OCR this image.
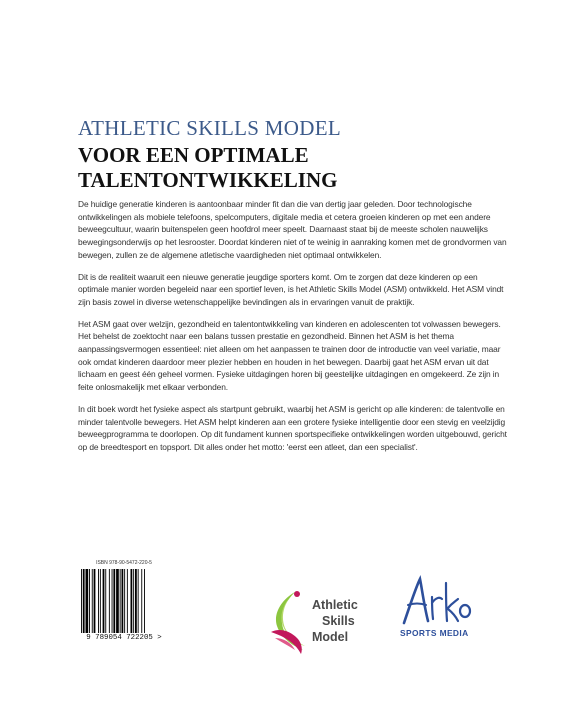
ATHLETIC SKILLS MODEL
VOOR EEN OPTIMALE
TALENTONTWIKKELING

De huidige generatie kinderen is aantoonbaar minder fit dan die van dertig jaar geleden. Door technologische ontwikkelingen als mobiele telefoons, spelcomputers, digitale media et cetera groeien kinderen op met een andere beweegcultuur, waarin buitenspelen geen hoofdrol meer speelt. Daarnaast staat bij de meeste scholen nauwelijks bewegingsonderwijs op het lesrooster. Doordat kinderen niet of te weinig in aanraking komen met de grondvormen van bewegen, zullen ze de algemene atletische vaardigheden niet optimaal ontwikkelen.

Dit is de realiteit waaruit een nieuwe generatie jeugdige sporters komt. Om te zorgen dat deze kinderen op een optimale manier worden begeleid naar een sportief leven, is het Athletic Skills Model (ASM) ontwikkeld. Het ASM vindt zijn basis zowel in diverse wetenschappelijke bevindingen als in ervaringen vanuit de praktijk.

Het ASM gaat over welzijn, gezondheid en talentontwikkeling van kinderen en adolescenten tot volwassen bewegers. Het behelst de zoektocht naar een balans tussen prestatie en gezondheid. Binnen het ASM is het thema aanpassingsvermogen essentieel: niet alleen om het aanpassen te trainen door de introductie van veel variatie, maar ook omdat kinderen daardoor meer plezier hebben en houden in het bewegen. Daarbij gaat het ASM ervan uit dat lichaam en geest één geheel vormen. Fysieke uitdagingen horen bij geestelijke uitdagingen en omgekeerd. Ze zijn in feite onlosmakelijk met elkaar verbonden.

In dit boek wordt het fysieke aspect als startpunt gebruikt, waarbij het ASM is gericht op alle kinderen: de talentvolle en minder talentvolle bewegers. Het ASM helpt kinderen aan een grotere fysieke intelligentie door een stevig en veelzijdig beweegprogramma te doorlopen. Op dit fundament kunnen sportspecifieke ontwikkelingen worden uitgebouwd, gericht op de breedtesport en topsport. Dit alles onder het motto: 'eerst een atleet, dan een specialist'.

ISBN 978-90-5472-220-5
9 789054 722205 >
Athletic
Skills
Model	SPORTS MEDIA
